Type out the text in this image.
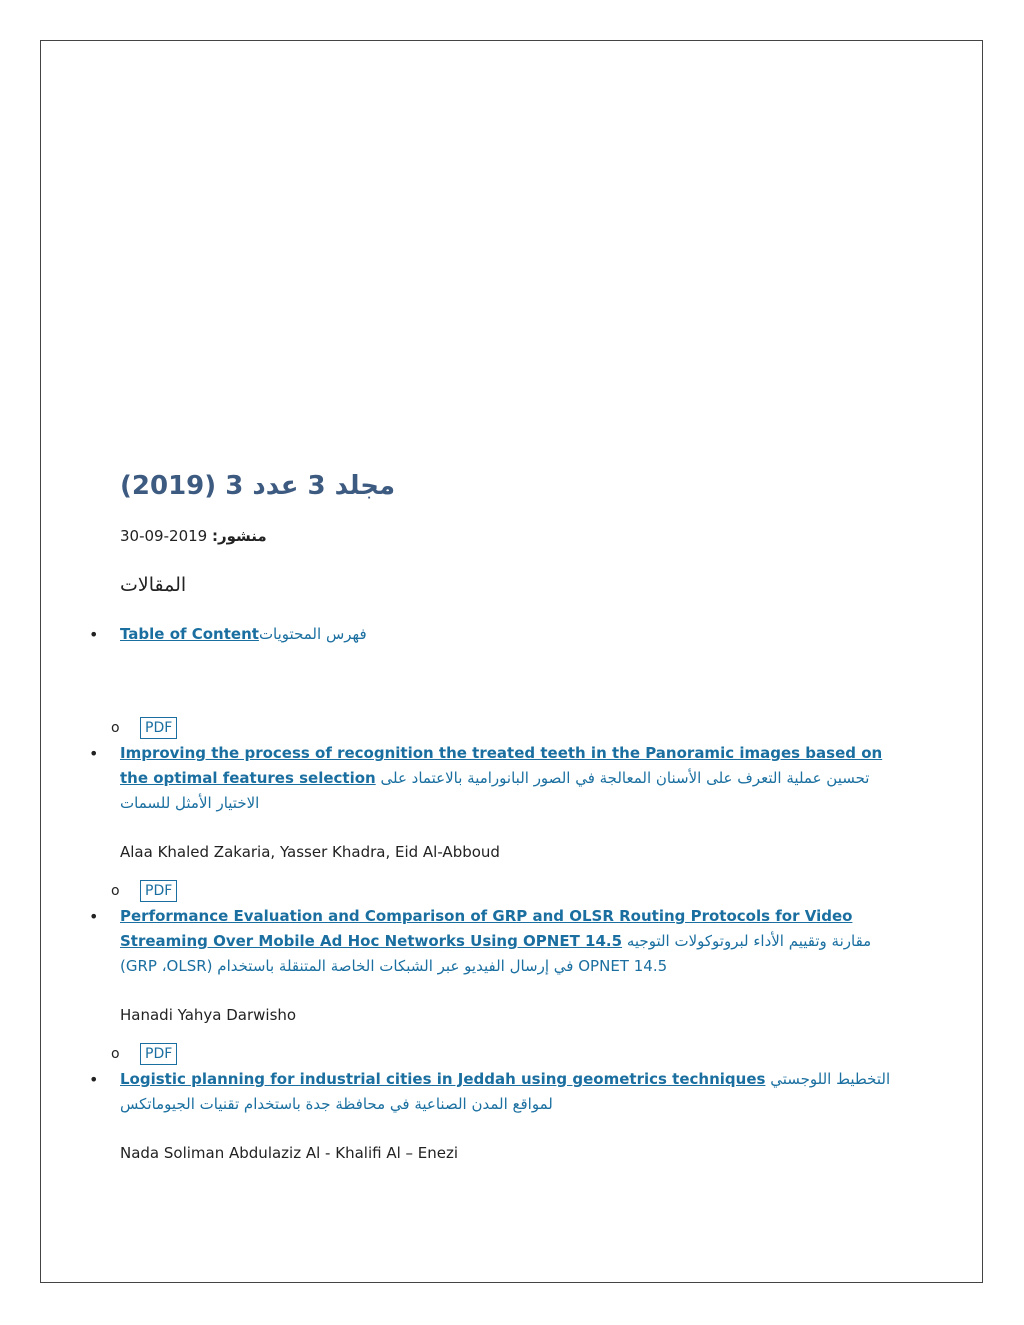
مجلد 3 عدد 3 (2019)
منشور: 2019-09-30
المقالات
• Table of Contentفهرس المحتويات
o PDF
• Improving the process of recognition the treated teeth in the Panoramic images based on the optimal features selection تحسين عملية التعرف على الأسنان المعالجة في الصور البانورامية بالاعتماد على الاختيار الأمثل للسمات
Alaa Khaled Zakaria, Yasser Khadra, Eid Al-Abboud
o PDF
• Performance Evaluation and Comparison of GRP and OLSR Routing Protocols for Video Streaming Over Mobile Ad Hoc Networks Using OPNET 14.5 مقارنة وتقييم الأداء لبروتوكولات التوجيه (GRP ،OLSR) في إرسال الفيديو عبر الشبكات الخاصة المتنقلة باستخدام OPNET 14.5
Hanadi Yahya Darwisho
o PDF
• Logistic planning for industrial cities in Jeddah using geometrics techniques التخطيط اللوجستي لمواقع المدن الصناعية في محافظة جدة باستخدام تقنيات الجيوماتكس
Nada Soliman Abdulaziz Al - Khalifi Al – Enezi
